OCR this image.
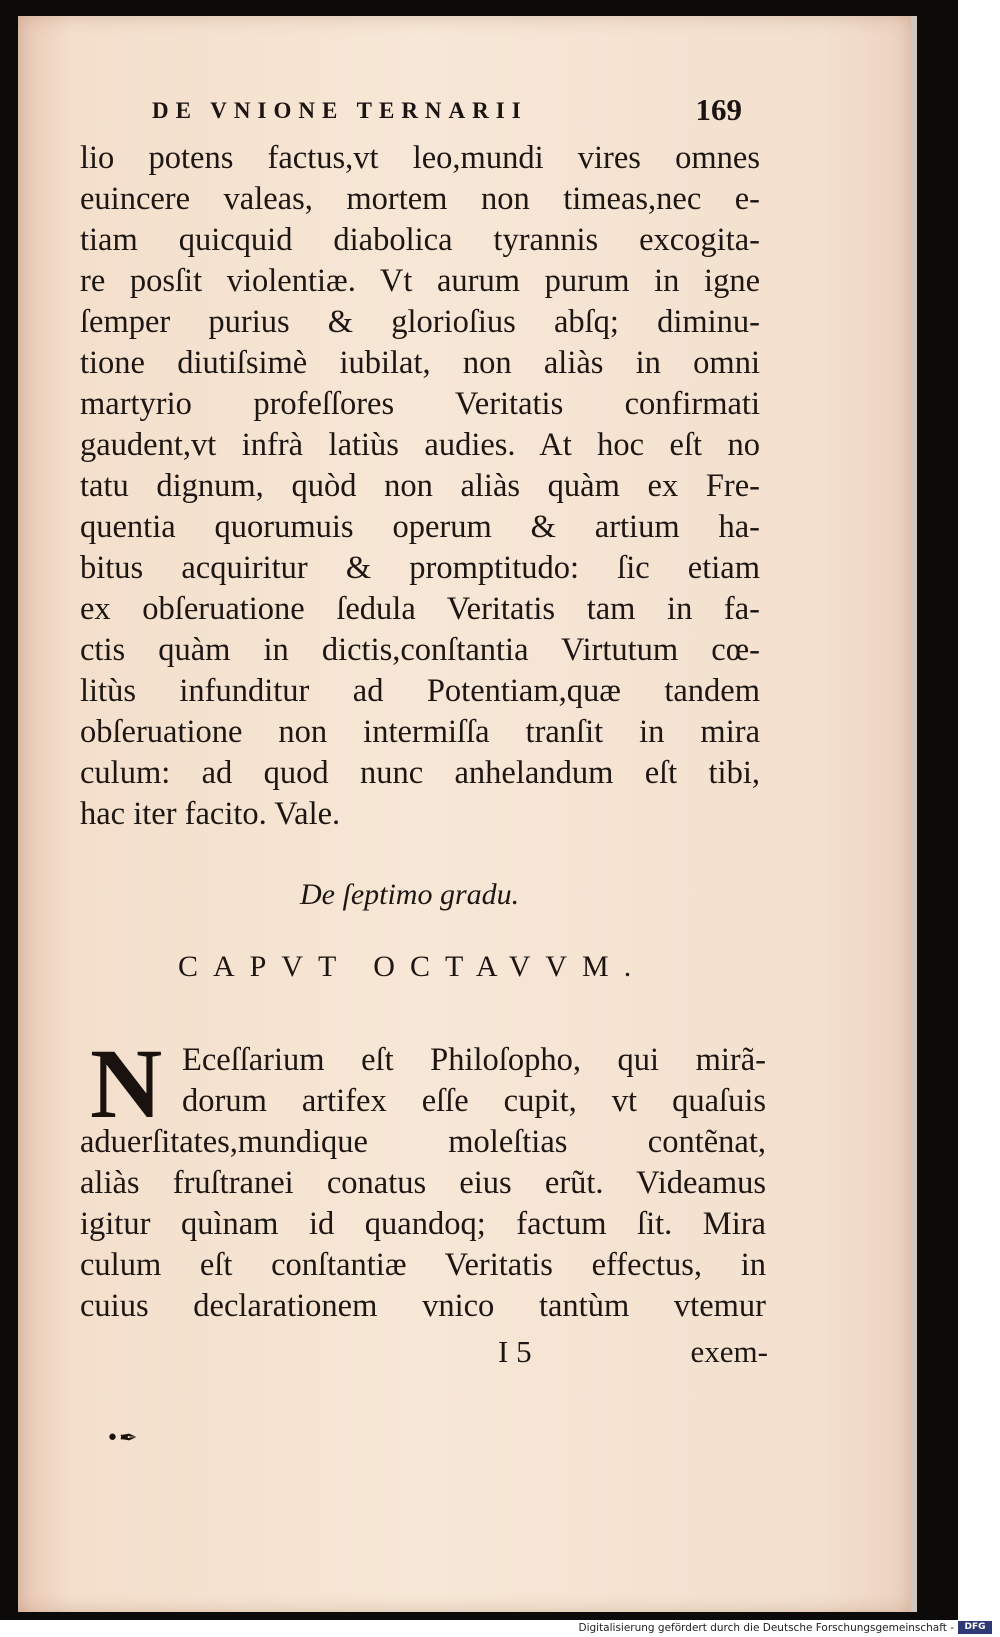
DE VNIONE TERNARII	169
lio potens factus,vt leo,mundi vires omnes
euincere valeas, mortem non timeas,nec e-
tiam quicquid diabolica tyrannis excogita-
re posſit violentiæ. Vt aurum purum in igne
ſemper purius & glorioſius abſq; diminu-
tione diutiſsimè iubilat, non aliàs in omni
martyrio profeſſores Veritatis confirmati
gaudent,vt infrà latiùs audies. At hoc eſt no
tatu dignum, quòd non aliàs quàm ex Fre-
quentia quorumuis operum & artium ha-
bitus acquiritur & promptitudo: ſic etiam
ex obſeruatione ſedula Veritatis tam in fa-
ctis quàm in dictis,conſtantia Virtutum cœ-
litùs infunditur ad Potentiam,quæ tandem
obſeruatione non intermiſſa tranſit in mira
culum: ad quod nunc anhelandum eſt tibi,
hac iter facito. Vale.
De ſeptimo gradu.
CAPVT OCTAVVM.
N Eceſſarium eſt Philoſopho, qui mirã-
dorum artifex eſſe cupit, vt quaſuis
aduerſitates,mundique moleſtias contẽnat,
aliàs fruſtranei conatus eius erũt. Videamus
igitur quìnam id quandoq; factum ſit. Mira
culum eſt conſtantiæ Veritatis effectus, in
cuius declarationem vnico tantùm vtemur
I 5	exem-
•✒
Digitalisierung gefördert durch die Deutsche Forschungsgemeinschaft -	DFG
